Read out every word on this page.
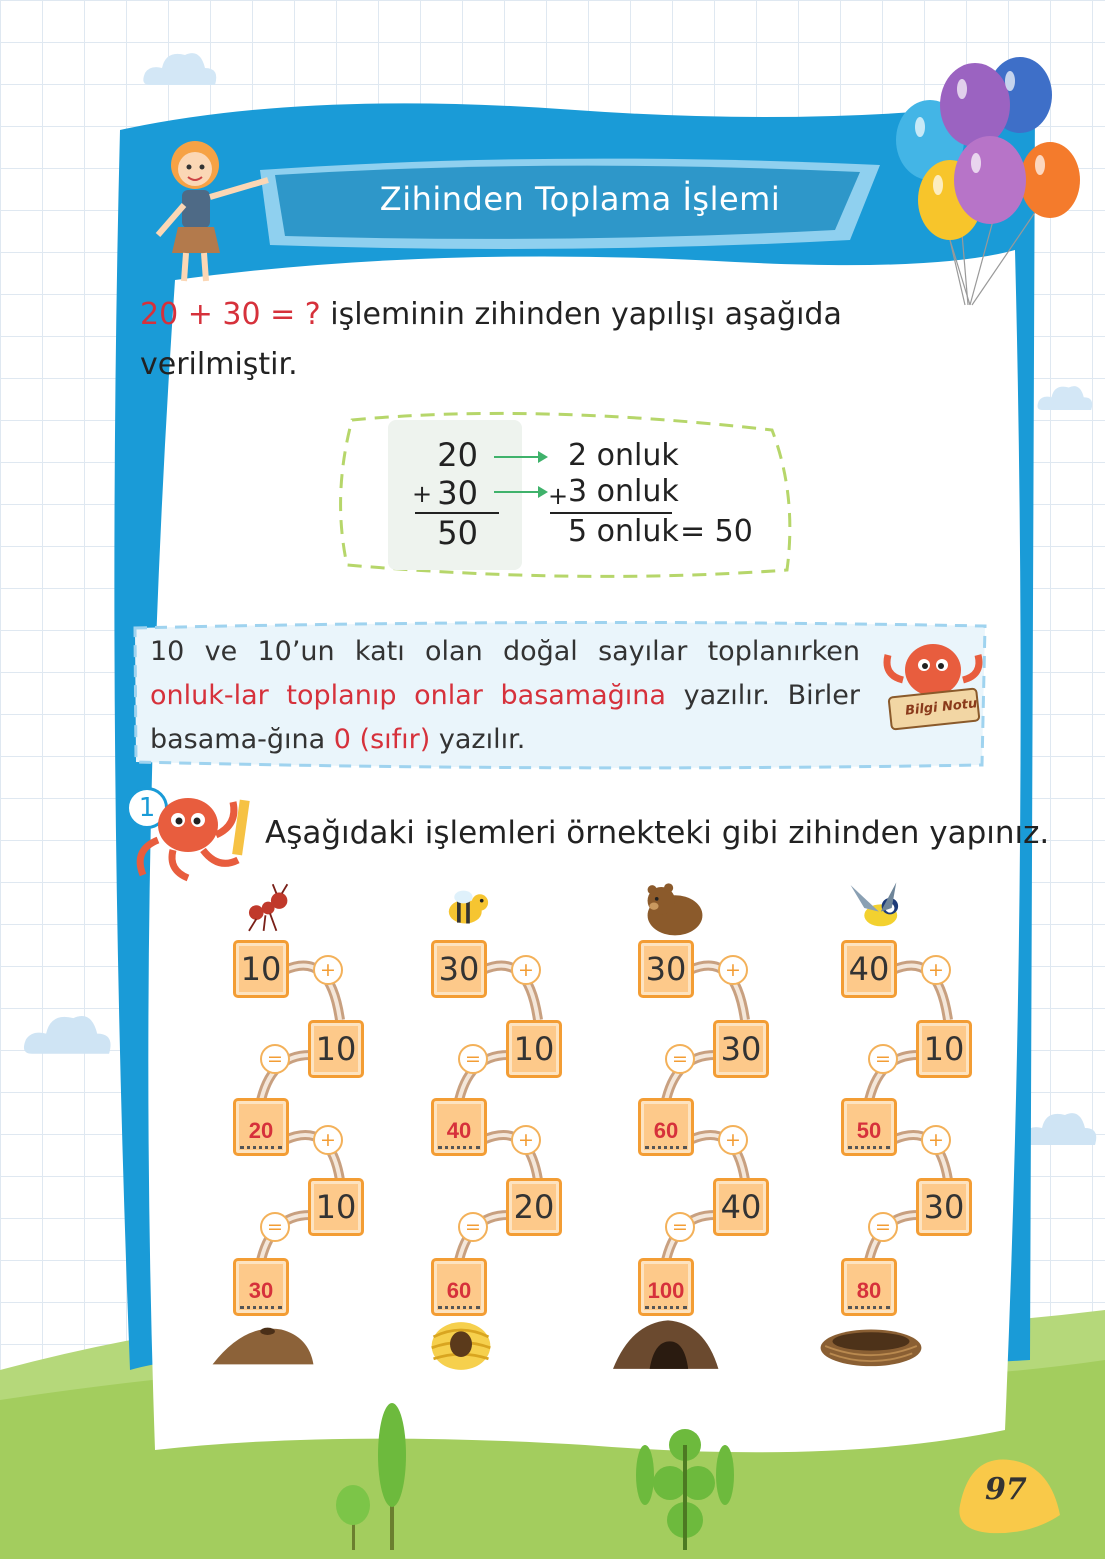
Zihinden Toplama İşlemi
20 + 30 = ? işleminin zihinden yapılışı aşağıda
verilmiştir.
20
+ 30
50
2 onluk
+ 3 onluk
5 onluk = 50
10 ve 10’un katı olan doğal sayılar toplanırken onluk-lar toplanıp onlar basamağına yazılır. Birler basama-ğına 0 (sıfır) yazılır.
Bilgi Notu
1
Aşağıdaki işlemleri örnekteki gibi zihinden yapınız.
10
10
20
10
30
+
=
+
=
30
10
40
20
60
+
=
+
=
30
30
60
40
100
+
=
+
=
40
10
50
30
80
+
=
+
=
97
